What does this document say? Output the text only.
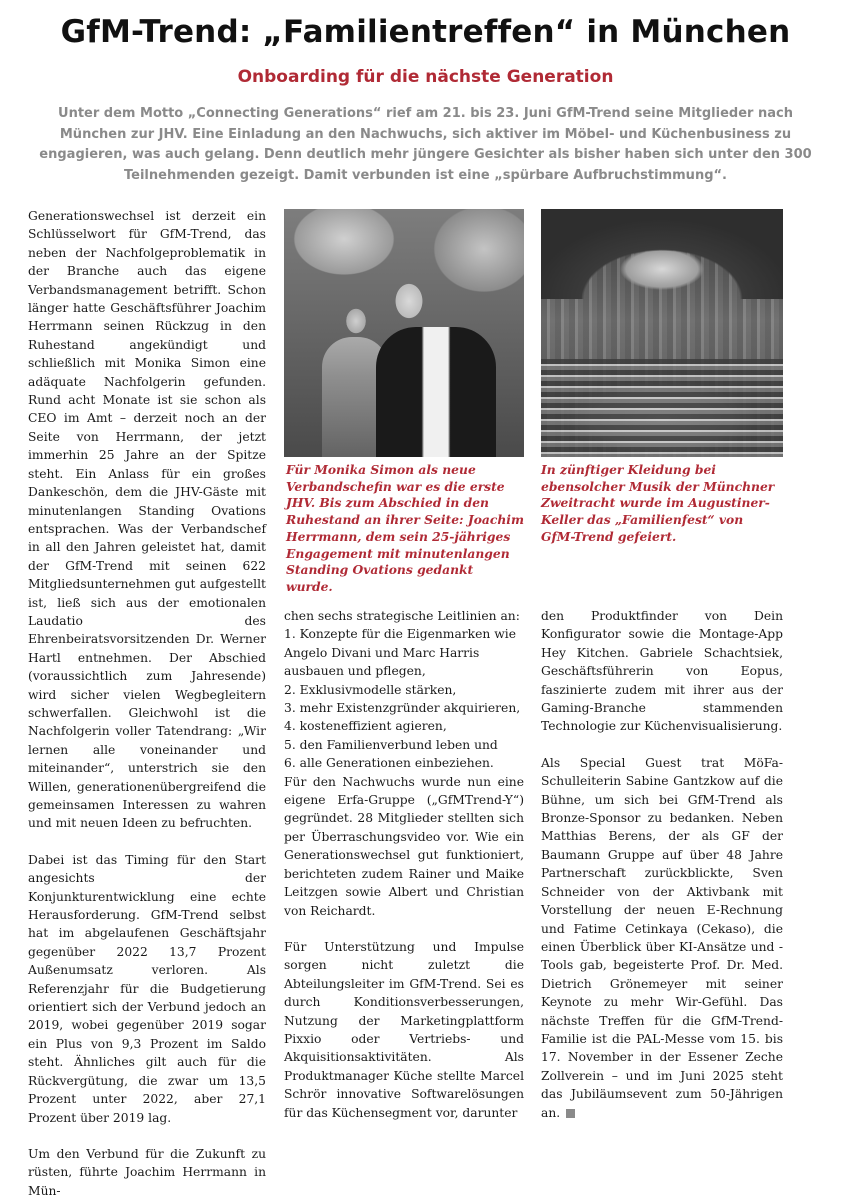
GfM-Trend: „Familientreffen“ in München
Onboarding für die nächste Generation
Unter dem Motto „Connecting Generations“ rief am 21. bis 23. Juni GfM-Trend seine Mitglieder nach München zur JHV. Eine Einladung an den Nachwuchs, sich aktiver im Möbel- und Küchenbusiness zu engagieren, was auch gelang. Denn deutlich mehr jüngere Gesichter als bisher haben sich unter den 300 Teilnehmenden gezeigt. Damit verbunden ist eine „spürbare Aufbruchstimmung“.

Generationswechsel ist derzeit ein Schlüsselwort für GfM-Trend, das neben der Nachfolgeproblematik in der Branche auch das eigene Verbandsmanagement betrifft. Schon länger hatte Geschäftsführer Joachim Herrmann seinen Rückzug in den Ruhestand angekündigt und schließlich mit Monika Simon eine adäquate Nachfolgerin gefunden. Rund acht Monate ist sie schon als CEO im Amt – derzeit noch an der Seite von Herrmann, der jetzt immerhin 25 Jahre an der Spitze steht. Ein Anlass für ein großes Dankeschön, dem die JHV-Gäste mit minutenlangen Standing Ovations entsprachen. Was der Verbandschef in all den Jahren geleistet hat, damit der GfM-Trend mit seinen 622 Mitgliedsunternehmen gut aufgestellt ist, ließ sich aus der emotionalen Laudatio des Ehrenbeiratsvorsitzenden Dr. Werner Hartl entnehmen. Der Abschied (voraussichtlich zum Jahresende) wird sicher vielen Wegbegleitern schwerfallen. Gleichwohl ist die Nachfolgerin voller Tatendrang: „Wir lernen alle voneinander und miteinander“, unterstrich sie den Willen, generationenübergreifend die gemeinsamen Interessen zu wahren und mit neuen Ideen zu befruchten.

Dabei ist das Timing für den Start angesichts der Konjunkturentwicklung eine echte Herausforderung. GfM-Trend selbst hat im abgelaufenen Geschäftsjahr gegenüber 2022 13,7 Prozent Außenumsatz verloren. Als Referenzjahr für die Budgetierung orientiert sich der Verbund jedoch an 2019, wobei gegenüber 2019 sogar ein Plus von 9,3 Prozent im Saldo steht. Ähnliches gilt auch für die Rückvergütung, die zwar um 13,5 Prozent unter 2022, aber 27,1 Prozent über 2019 lag.

Um den Verbund für die Zukunft zu rüsten, führte Joachim Herrmann in Mün-

Für Monika Simon als neue Verbandschefin war es die erste JHV. Bis zum Abschied in den Ruhestand an ihrer Seite: Joachim Herrmann, dem sein 25-jähriges Engagement mit minutenlangen Standing Ovations gedankt wurde.
In zünftiger Kleidung bei ebensolcher Musik der Münchner Zweitracht wurde im Augustiner-Keller das „Familienfest“ von GfM-Trend gefeiert.

chen sechs strategische Leitlinien an:

1. Konzepte für die Eigenmarken wie Angelo Divani und Marc Harris ausbauen und pflegen,

2. Exklusivmodelle stärken,

3. mehr Existenzgründer akquirieren,

4. kosteneffizient agieren,

5. den Familienverbund leben und

6. alle Generationen einbeziehen.

Für den Nachwuchs wurde nun eine eigene Erfa-Gruppe („GfMTrend-Y“) gegründet. 28 Mitglieder stellten sich per Überraschungsvideo vor. Wie ein Generationswechsel gut funktioniert, berichteten zudem Rainer und Maike Leitzgen sowie Albert und Christian von Reichardt.

Für Unterstützung und Impulse sorgen nicht zuletzt die Abteilungsleiter im GfM-Trend. Sei es durch Konditionsverbesserungen, Nutzung der Marketingplattform Pixxio oder Vertriebs- und Akquisitionsaktivitäten. Als Produktmanager Küche stellte Marcel Schrör innovative Softwarelösungen für das Küchensegment vor, darunter

den Produktfinder von Dein Konfigurator sowie die Montage-App Hey Kitchen. Gabriele Schachtsiek, Geschäftsführerin von Eopus, faszinierte zudem mit ihrer aus der Gaming-Branche stammenden Technologie zur Küchenvisualisierung.

Als Special Guest trat MöFa-Schulleiterin Sabine Gantzkow auf die Bühne, um sich bei GfM-Trend als Bronze-Sponsor zu bedanken. Neben Matthias Berens, der als GF der Baumann Gruppe auf über 48 Jahre Partnerschaft zurückblickte, Sven Schneider von der Aktivbank mit Vorstellung der neuen E-Rechnung und Fatime Cetinkaya (Cekaso), die einen Überblick über KI-Ansätze und -Tools gab, begeisterte Prof. Dr. Med. Dietrich Grönemeyer mit seiner Keynote zu mehr Wir-Gefühl. Das nächste Treffen für die GfM-Trend-Familie ist die PAL-Messe vom 15. bis 17. November in der Essener Zeche Zollverein – und im Juni 2025 steht das Jubiläumsevent zum 50-Jährigen an.
